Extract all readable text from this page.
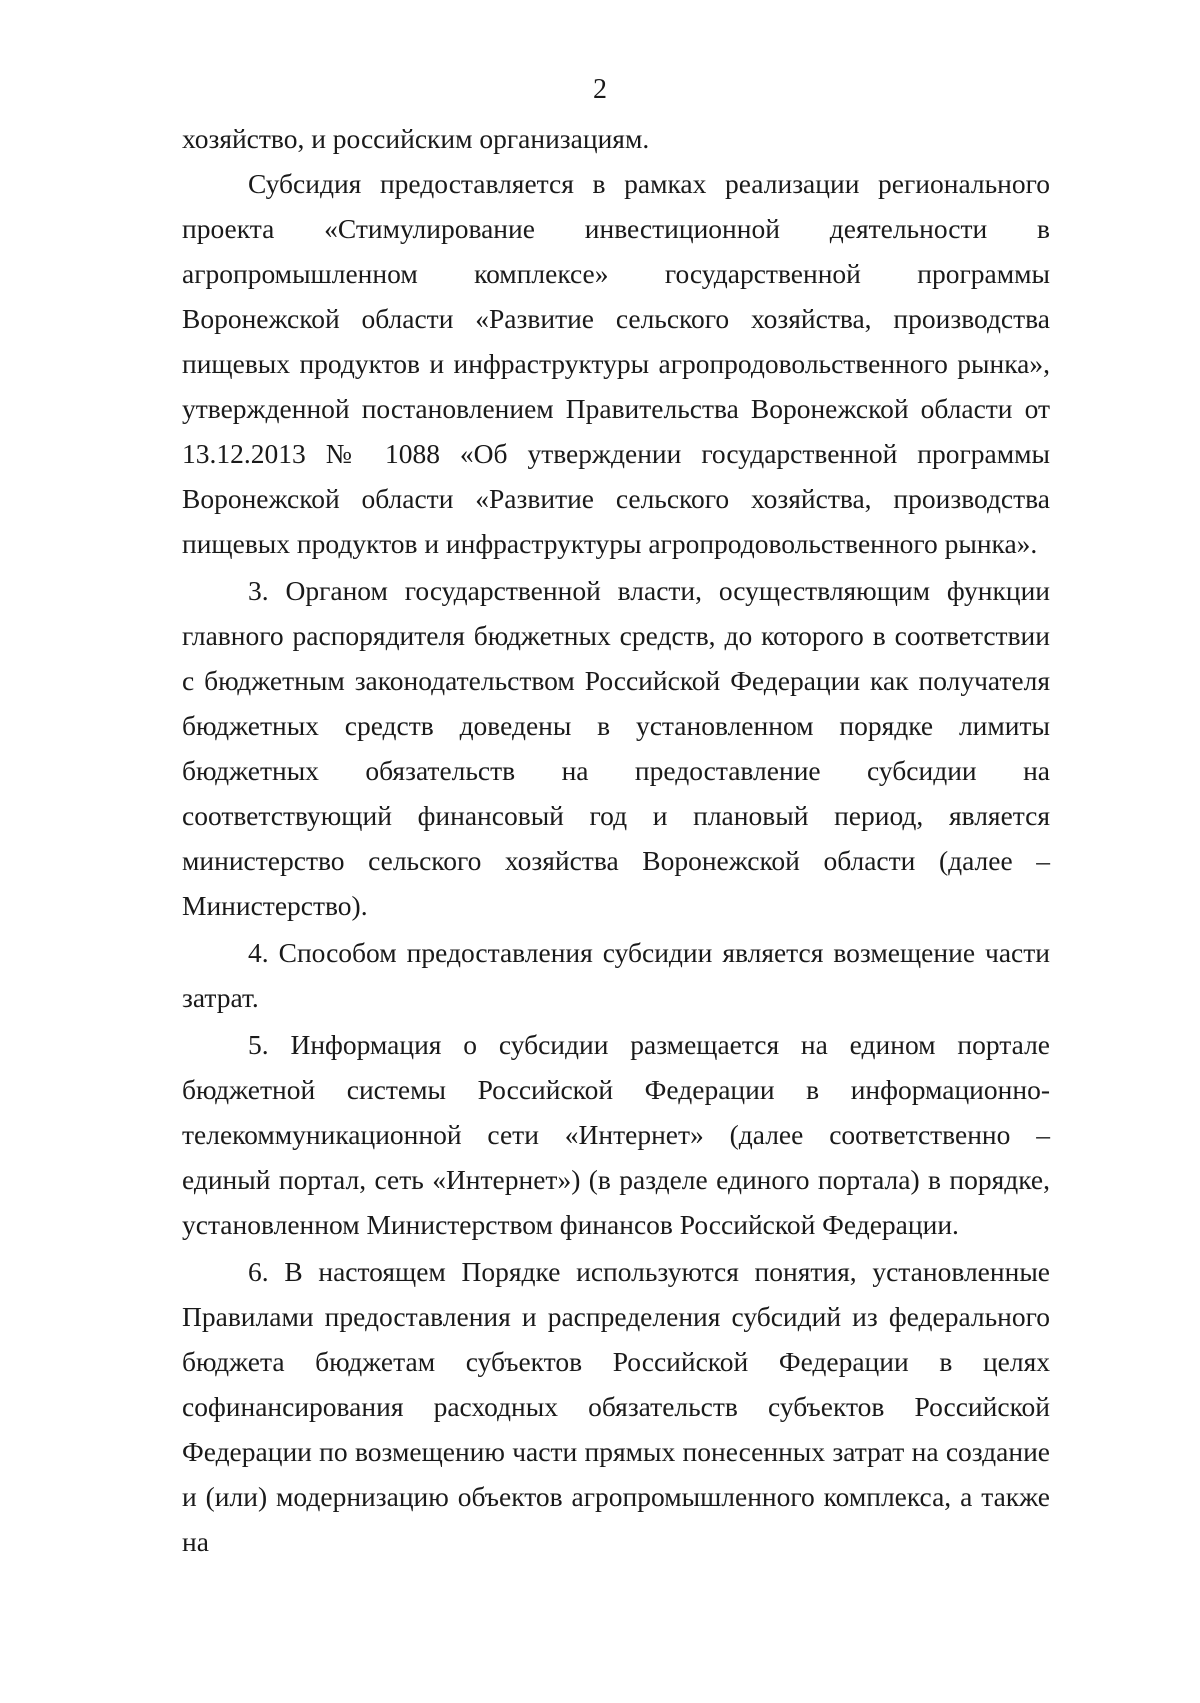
2

хозяйство, и российским организациям.

Субсидия предоставляется в рамках реализации регионального проекта «Стимулирование инвестиционной деятельности в агропромышленном комплексе» государственной программы Воронежской области «Развитие сельского хозяйства, производства пищевых продуктов и инфраструктуры агропродовольственного рынка», утвержденной постановлением Правительства Воронежской области от 13.12.2013 № 1088 «Об утверждении государственной программы Воронежской области «Развитие сельского хозяйства, производства пищевых продуктов и инфраструктуры агропродовольственного рынка».

3. Органом государственной власти, осуществляющим функции главного распорядителя бюджетных средств, до которого в соответствии с бюджетным законодательством Российской Федерации как получателя бюджетных средств доведены в установленном порядке лимиты бюджетных обязательств на предоставление субсидии на соответствующий финансовый год и плановый период, является министерство сельского хозяйства Воронежской области (далее – Министерство).

4. Способом предоставления субсидии является возмещение части затрат.

5. Информация о субсидии размещается на едином портале бюджетной системы Российской Федерации в информационно-телекоммуникационной сети «Интернет» (далее соответственно – единый портал, сеть «Интернет») (в разделе единого портала) в порядке, установленном Министерством финансов Российской Федерации.

6. В настоящем Порядке используются понятия, установленные Правилами предоставления и распределения субсидий из федерального бюджета бюджетам субъектов Российской Федерации в целях софинансирования расходных обязательств субъектов Российской Федерации по возмещению части прямых понесенных затрат на создание и (или) модернизацию объектов агропромышленного комплекса, а также на
